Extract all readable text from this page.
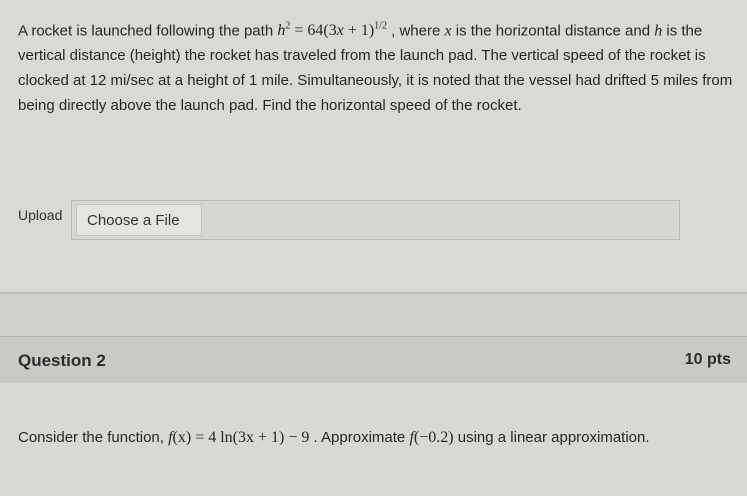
A rocket is launched following the path $h^2 = 64(3x + 1)^{1/2}$ , where x is the horizontal distance and h is the vertical distance (height) the rocket has traveled from the launch pad. The vertical speed of the rocket is clocked at 12 mi/sec at a height of 1 mile. Simultaneously, it is noted that the vessel had drifted 5 miles from being directly above the launch pad. Find the horizontal speed of the rocket.
Upload	Choose a File
Question 2	10 pts
Consider the function, f(x) = 4 ln(3x + 1) − 9 . Approximate f(−0.2) using a linear approximation.
